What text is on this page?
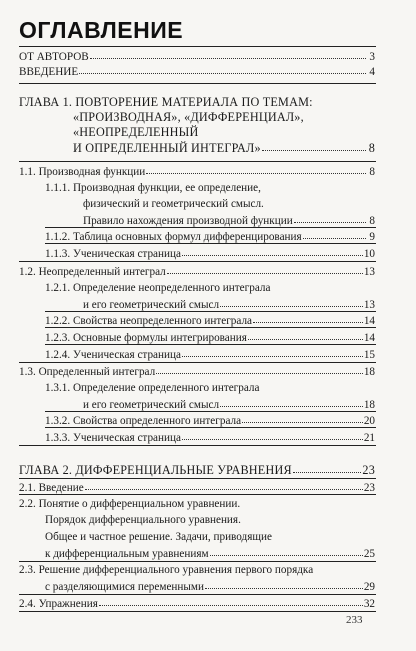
ОГЛАВЛЕНИЕ
ОТ АВТОРОВ	3
ВВЕДЕНИЕ	4
ГЛАВА 1. ПОВТОРЕНИЕ МАТЕРИАЛА ПО ТЕМАМ:
«ПРОИЗВОДНАЯ», «ДИФФЕРЕНЦИАЛ»,
«НЕОПРЕДЕЛЕННЫЙ
И ОПРЕДЕЛЕННЫЙ ИНТЕГРАЛ»	8
1.1. Производная функции	8
1.1.1. Производная функции, ее определение,
физический и геометрический смысл.
Правило нахождения производной функции	8
1.1.2. Таблица основных формул дифференцирования	9
1.1.3. Ученическая страница	10
1.2. Неопределенный интеграл	13
1.2.1. Определение неопределенного интеграла
и его геометрический смысл	13
1.2.2. Свойства неопределенного интеграла	14
1.2.3. Основные формулы интегрирования	14
1.2.4. Ученическая страница	15
1.3. Определенный интеграл	18
1.3.1. Определение определенного интеграла
и его геометрический смысл	18
1.3.2. Свойства определенного интеграла	20
1.3.3. Ученическая страница	21
ГЛАВА 2. ДИФФЕРЕНЦИАЛЬНЫЕ УРАВНЕНИЯ	23
2.1. Введение	23
2.2. Понятие о дифференциальном уравнении.
Порядок дифференциального уравнения.
Общее и частное решение. Задачи, приводящие
к дифференциальным уравнениям	25
2.3. Решение дифференциального уравнения первого порядка
с разделяющимися переменными	29
2.4. Упражнения	32
233
